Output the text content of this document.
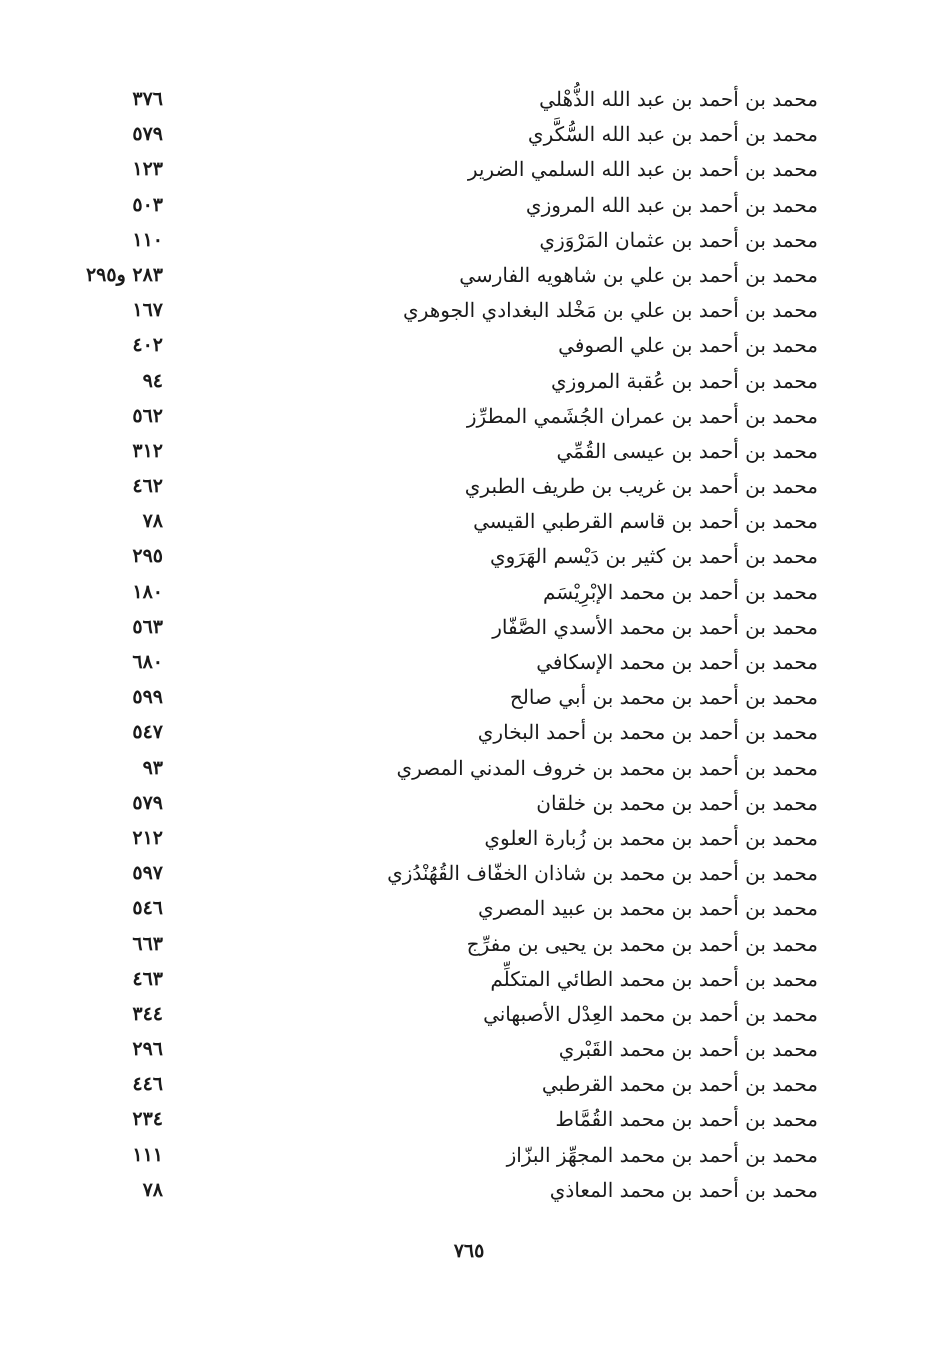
محمد بن أحمد بن عبد الله الذُّهْلي
٣٧٦
محمد بن أحمد بن عبد الله السُّكَّري
٥٧٩
محمد بن أحمد بن عبد الله السلمي الضرير
١٢٣
محمد بن أحمد بن عبد الله المروزي
٥٠٣
محمد بن أحمد بن عثمان المَرْوَزي
١١٠
محمد بن أحمد بن علي بن شاهويه الفارسي
٢٨٣ و٢٩٥
محمد بن أحمد بن علي بن مَخْلد البغدادي الجوهري
١٦٧
محمد بن أحمد بن علي الصوفي
٤٠٢
محمد بن أحمد بن عُقبة المروزي
٩٤
محمد بن أحمد بن عمران الجُشَمي المطرِّز
٥٦٢
محمد بن أحمد بن عيسى القُمِّي
٣١٢
محمد بن أحمد بن غريب بن طريف الطبري
٤٦٢
محمد بن أحمد بن قاسم القرطبي القيسي
٧٨
محمد بن أحمد بن كثير بن دَيْسم الهَرَوي
٢٩٥
محمد بن أحمد بن محمد الإبْرِيْسَم
١٨٠
محمد بن أحمد بن محمد الأسدي الصَّفّار
٥٦٣
محمد بن أحمد بن محمد الإسكافي
٦٨٠
محمد بن أحمد بن محمد بن أبي صالح
٥٩٩
محمد بن أحمد بن محمد بن أحمد البخاري
٥٤٧
محمد بن أحمد بن محمد بن خروف المدني المصري
٩٣
محمد بن أحمد بن محمد بن خلقان
٥٧٩
محمد بن أحمد بن محمد بن زُبارة العلوي
٢١٢
محمد بن أحمد بن محمد بن شاذان الخفّاف القُهُنْدُزي
٥٩٧
محمد بن أحمد بن محمد بن عبيد المصري
٥٤٦
محمد بن أحمد بن محمد بن يحيى بن مفرِّج
٦٦٣
محمد بن أحمد بن محمد الطائي المتكلِّم
٤٦٣
محمد بن أحمد بن محمد العِدْل الأصبهاني
٣٤٤
محمد بن أحمد بن محمد القَبْري
٢٩٦
محمد بن أحمد بن محمد القرطبي
٤٤٦
محمد بن أحمد بن محمد القُمَّاط
٢٣٤
محمد بن أحمد بن محمد المجهِّز البزّاز
١١١
محمد بن أحمد بن محمد المعاذي
٧٨
٧٦٥
